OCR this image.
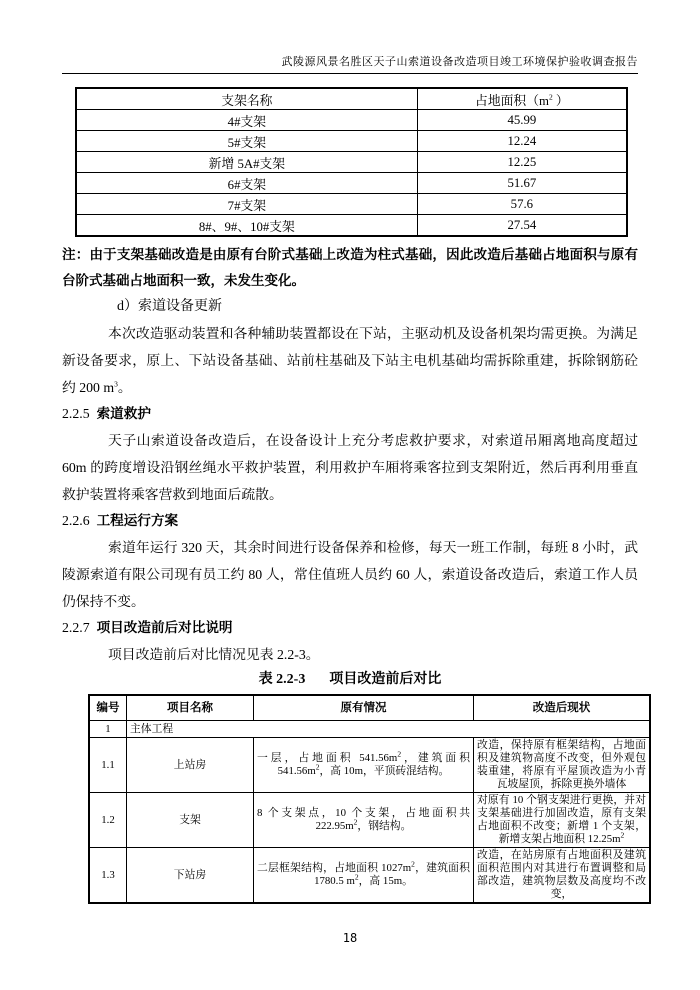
武陵源风景名胜区天子山索道设备改造项目竣工环境保护验收调查报告
支架名称	占地面积（$m^2$ ）
4#支架	45.99
5#支架	12.24
新增 5A#支架	12.25
6#支架	51.67
7#支架	57.6
8#、9#、10#支架	27.54

注：由于支架基础改造是由原有台阶式基础上改造为柱式基础，因此改造后基础占地面积与原有台阶式基础占地面积一致，未发生变化。

d）索道设备更新

本次改造驱动装置和各种辅助装置都设在下站，主驱动机及设备机架均需更换。为满足新设备要求，原上、下站设备基础、站前柱基础及下站主电机基础均需拆除重建，拆除钢筋砼约 200 $m^3$。

2.2.5 索道救护

天子山索道设备改造后，在设备设计上充分考虑救护要求，对索道吊厢离地高度超过 60m 的跨度增设沿钢丝绳水平救护装置，利用救护车厢将乘客拉到支架附近，然后再利用垂直救护装置将乘客营救到地面后疏散。

2.2.6 工程运行方案

索道年运行 320 天，其余时间进行设备保养和检修，每天一班工作制，每班 8 小时，武陵源索道有限公司现有员工约 80 人，常住值班人员约 60 人，索道设备改造后，索道工作人员仍保持不变。

2.2.7 项目改造前后对比说明

项目改造前后对比情况见表 2.2-3。

表 2.2-3 项目改造前后对比

编号	项目名称	原有情况	改造后现状
1	主体工程		
1.1	上站房	一层，占地面积 $541.56m^2$，建筑面积 $541.56m^2$，高 10m，平顶砖混结构。	改造，保持原有框架结构，占地面积及建筑物高度不改变，但外观包装重建，将原有平屋顶改造为小青瓦坡屋顶，拆除更换外墙体
1.2	支架	8 个支架点，10 个支架，占地面积共 $222.95m^2$，钢结构。	对原有 10 个钢支架进行更换，并对支架基础进行加固改造，原有支架占地面积不改变；新增 1 个支架，新增支架占地面积 $12.25m^2$
1.3	下站房	二层框架结构，占地面积 $1027m^2$，建筑面积 1780.5 $m^2$，高 15m。	改造，在站房原有占地面积及建筑面积范围内对其进行布置调整和局部改造，建筑物层数及高度均不改变，
18
